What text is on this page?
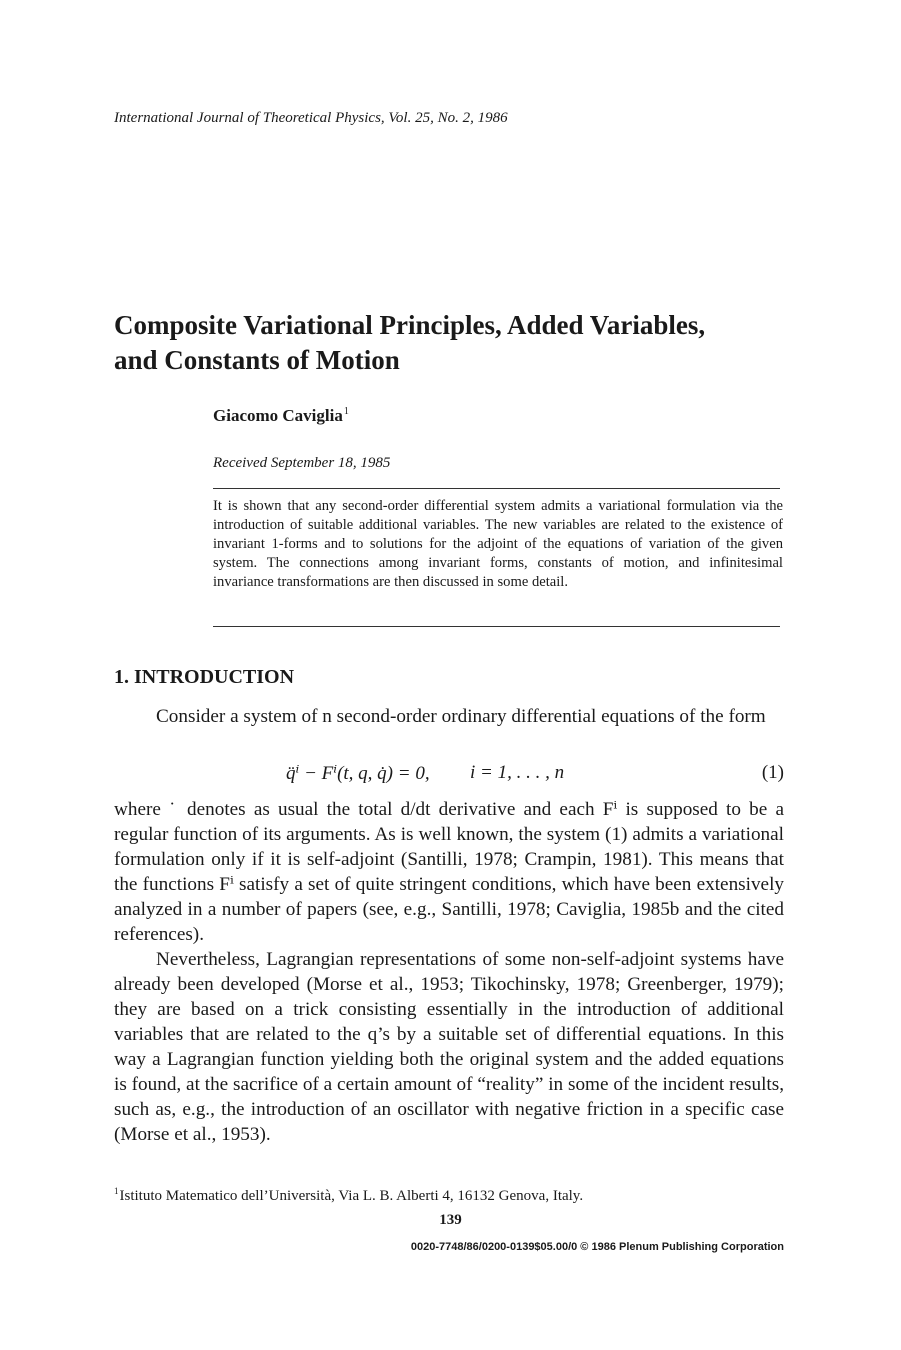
International Journal of Theoretical Physics, Vol. 25, No. 2, 1986
Composite Variational Principles, Added Variables,
and Constants of Motion
Giacomo Caviglia$^1$
Received September 18, 1985

It is shown that any second-order differential system admits a variational formulation via the introduction of suitable additional variables. The new variables are related to the existence of invariant 1-forms and to solutions for the adjoint of the equations of variation of the given system. The connections among invariant forms, constants of motion, and infinitesimal invariance transformations are then discussed in some detail.

1. INTRODUCTION

Consider a system of n second-order ordinary differential equations of the form

q̈ⁱ − Fⁱ(t, q, q̇) = 0, i = 1, . . . , n	(1)

where ˙ denotes as usual the total d/dt derivative and each Fⁱ is supposed to be a regular function of its arguments. As is well known, the system (1) admits a variational formulation only if it is self-adjoint (Santilli, 1978; Crampin, 1981). This means that the functions Fⁱ satisfy a set of quite stringent conditions, which have been extensively analyzed in a number of papers (see, e.g., Santilli, 1978; Caviglia, 1985b and the cited references).

Nevertheless, Lagrangian representations of some non-self-adjoint systems have already been developed (Morse et al., 1953; Tikochinsky, 1978; Greenberger, 1979); they are based on a trick consisting essentially in the introduction of additional variables that are related to the q’s by a suitable set of differential equations. In this way a Lagrangian function yielding both the original system and the added equations is found, at the sacrifice of a certain amount of “reality” in some of the incident results, such as, e.g., the introduction of an oscillator with negative friction in a specific case (Morse et al., 1953).

$^1$Istituto Matematico dell’Università, Via L. B. Alberti 4, 16132 Genova, Italy.
139
0020-7748/86/0200-0139$05.00/0 © 1986 Plenum Publishing Corporation
